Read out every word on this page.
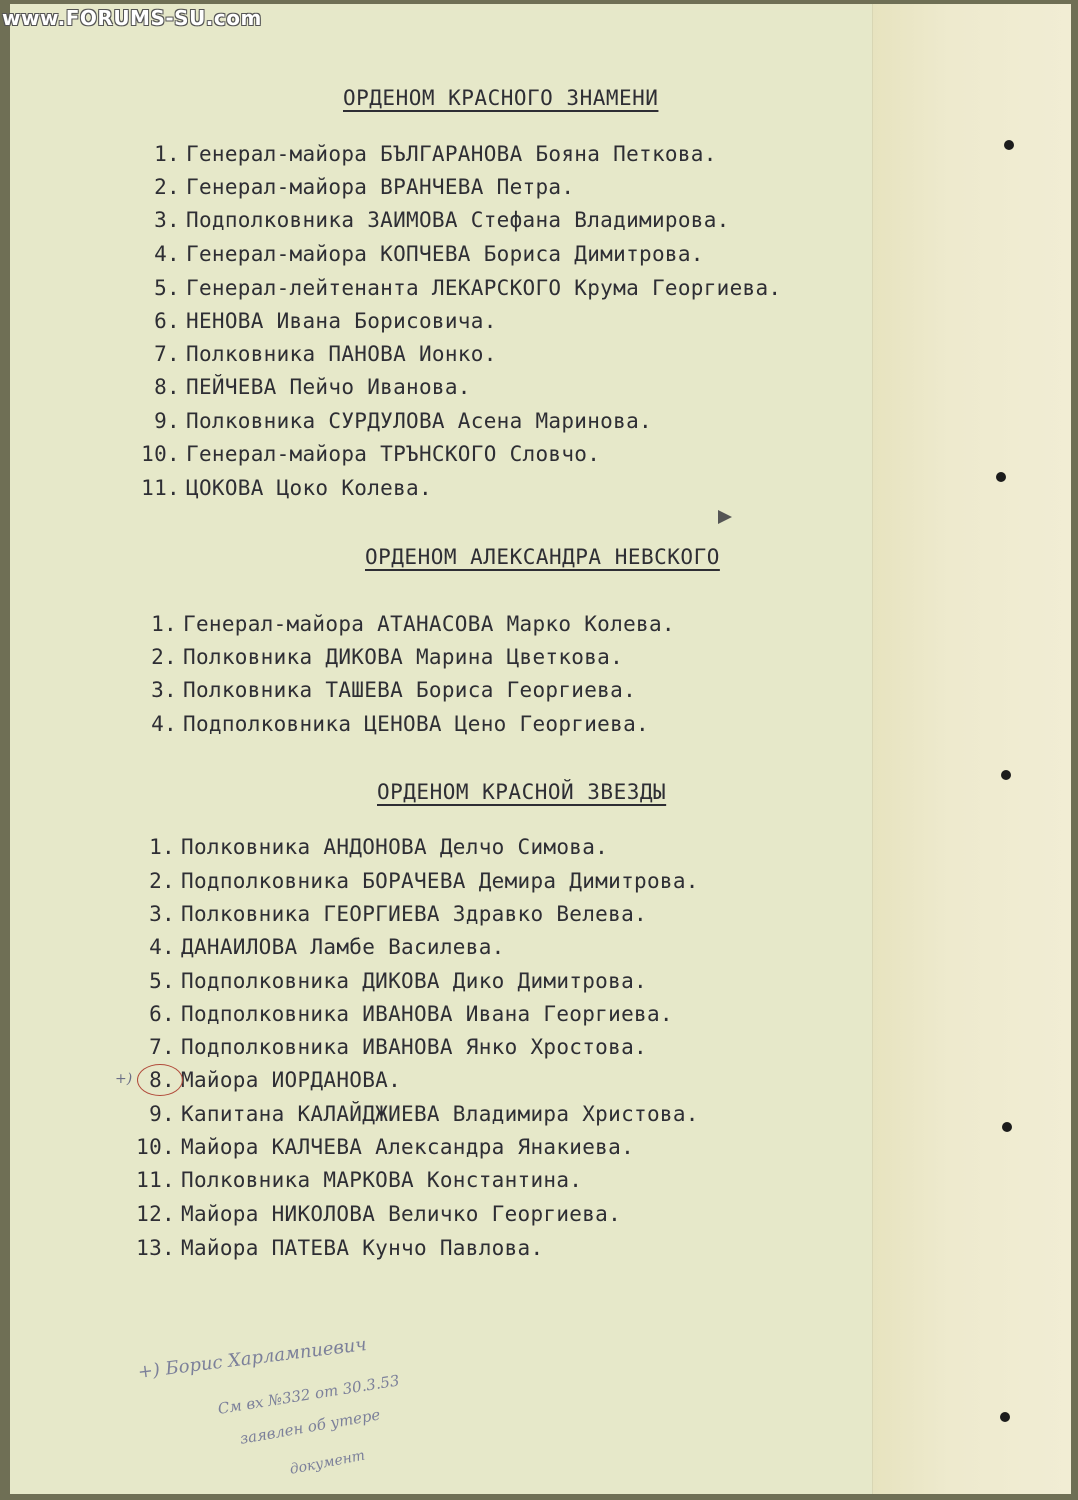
www.FORUMS-SU.com
ОРДЕНОМ КРАСНОГО ЗНАМЕНИ
1. Генерал-майора БЪЛГАРАНОВА Бояна Петкова.
2. Генерал-майора ВРАНЧЕВА Петра.
3. Подполковника ЗАИМОВА Стефана Владимирова.
4. Генерал-майора КОПЧЕВА Бориса Димитрова.
5. Генерал-лейтенанта ЛЕКАРСКОГО Крума Георгиева.
6. НЕНОВА Ивана Борисовича.
7. Полковника ПАНОВА Ионко.
8. ПЕЙЧЕВА Пейчо Иванова.
9. Полковника СУРДУЛОВА Асена Маринова.
10. Генерал-майора ТРЪНСКОГО Словчо.
11. ЦОКОВА Цоко Колева.
ОРДЕНОМ АЛЕКСАНДРА НЕВСКОГО
1. Генерал-майора АТАНАСОВА Марко Колева.
2. Полковника ДИКОВА Марина Цветкова.
3. Полковника ТАШЕВА Бориса Георгиева.
4. Подполковника ЦЕНОВА Цено Георгиева.
ОРДЕНОМ КРАСНОЙ ЗВЕЗДЫ
1. Полковника АНДОНОВА Делчо Симова.
2. Подполковника БОРАЧЕВА Демира Димитрова.
3. Полковника ГЕОРГИЕВА Здравко Велева.
4. ДАНАИЛОВА Ламбе Василева.
5. Подполковника ДИКОВА Дико Димитрова.
6. Подполковника ИВАНОВА Ивана Георгиева.
7. Подполковника ИВАНОВА Янко Хростова.
+) 8. Майора ИОРДАНОВА.
9. Капитана КАЛАЙДЖИЕВА Владимира Христова.
10. Майора КАЛЧЕВА Александра Янакиева.
11. Полковника МАРКОВА Константина.
12. Майора НИКОЛОВА Величко Георгиева.
13. Майора ПАТЕВА Кунчо Павлова.
+) Борис Харлампиевич
См вх №332 от 30.3.53
заявлен об утере
документ
